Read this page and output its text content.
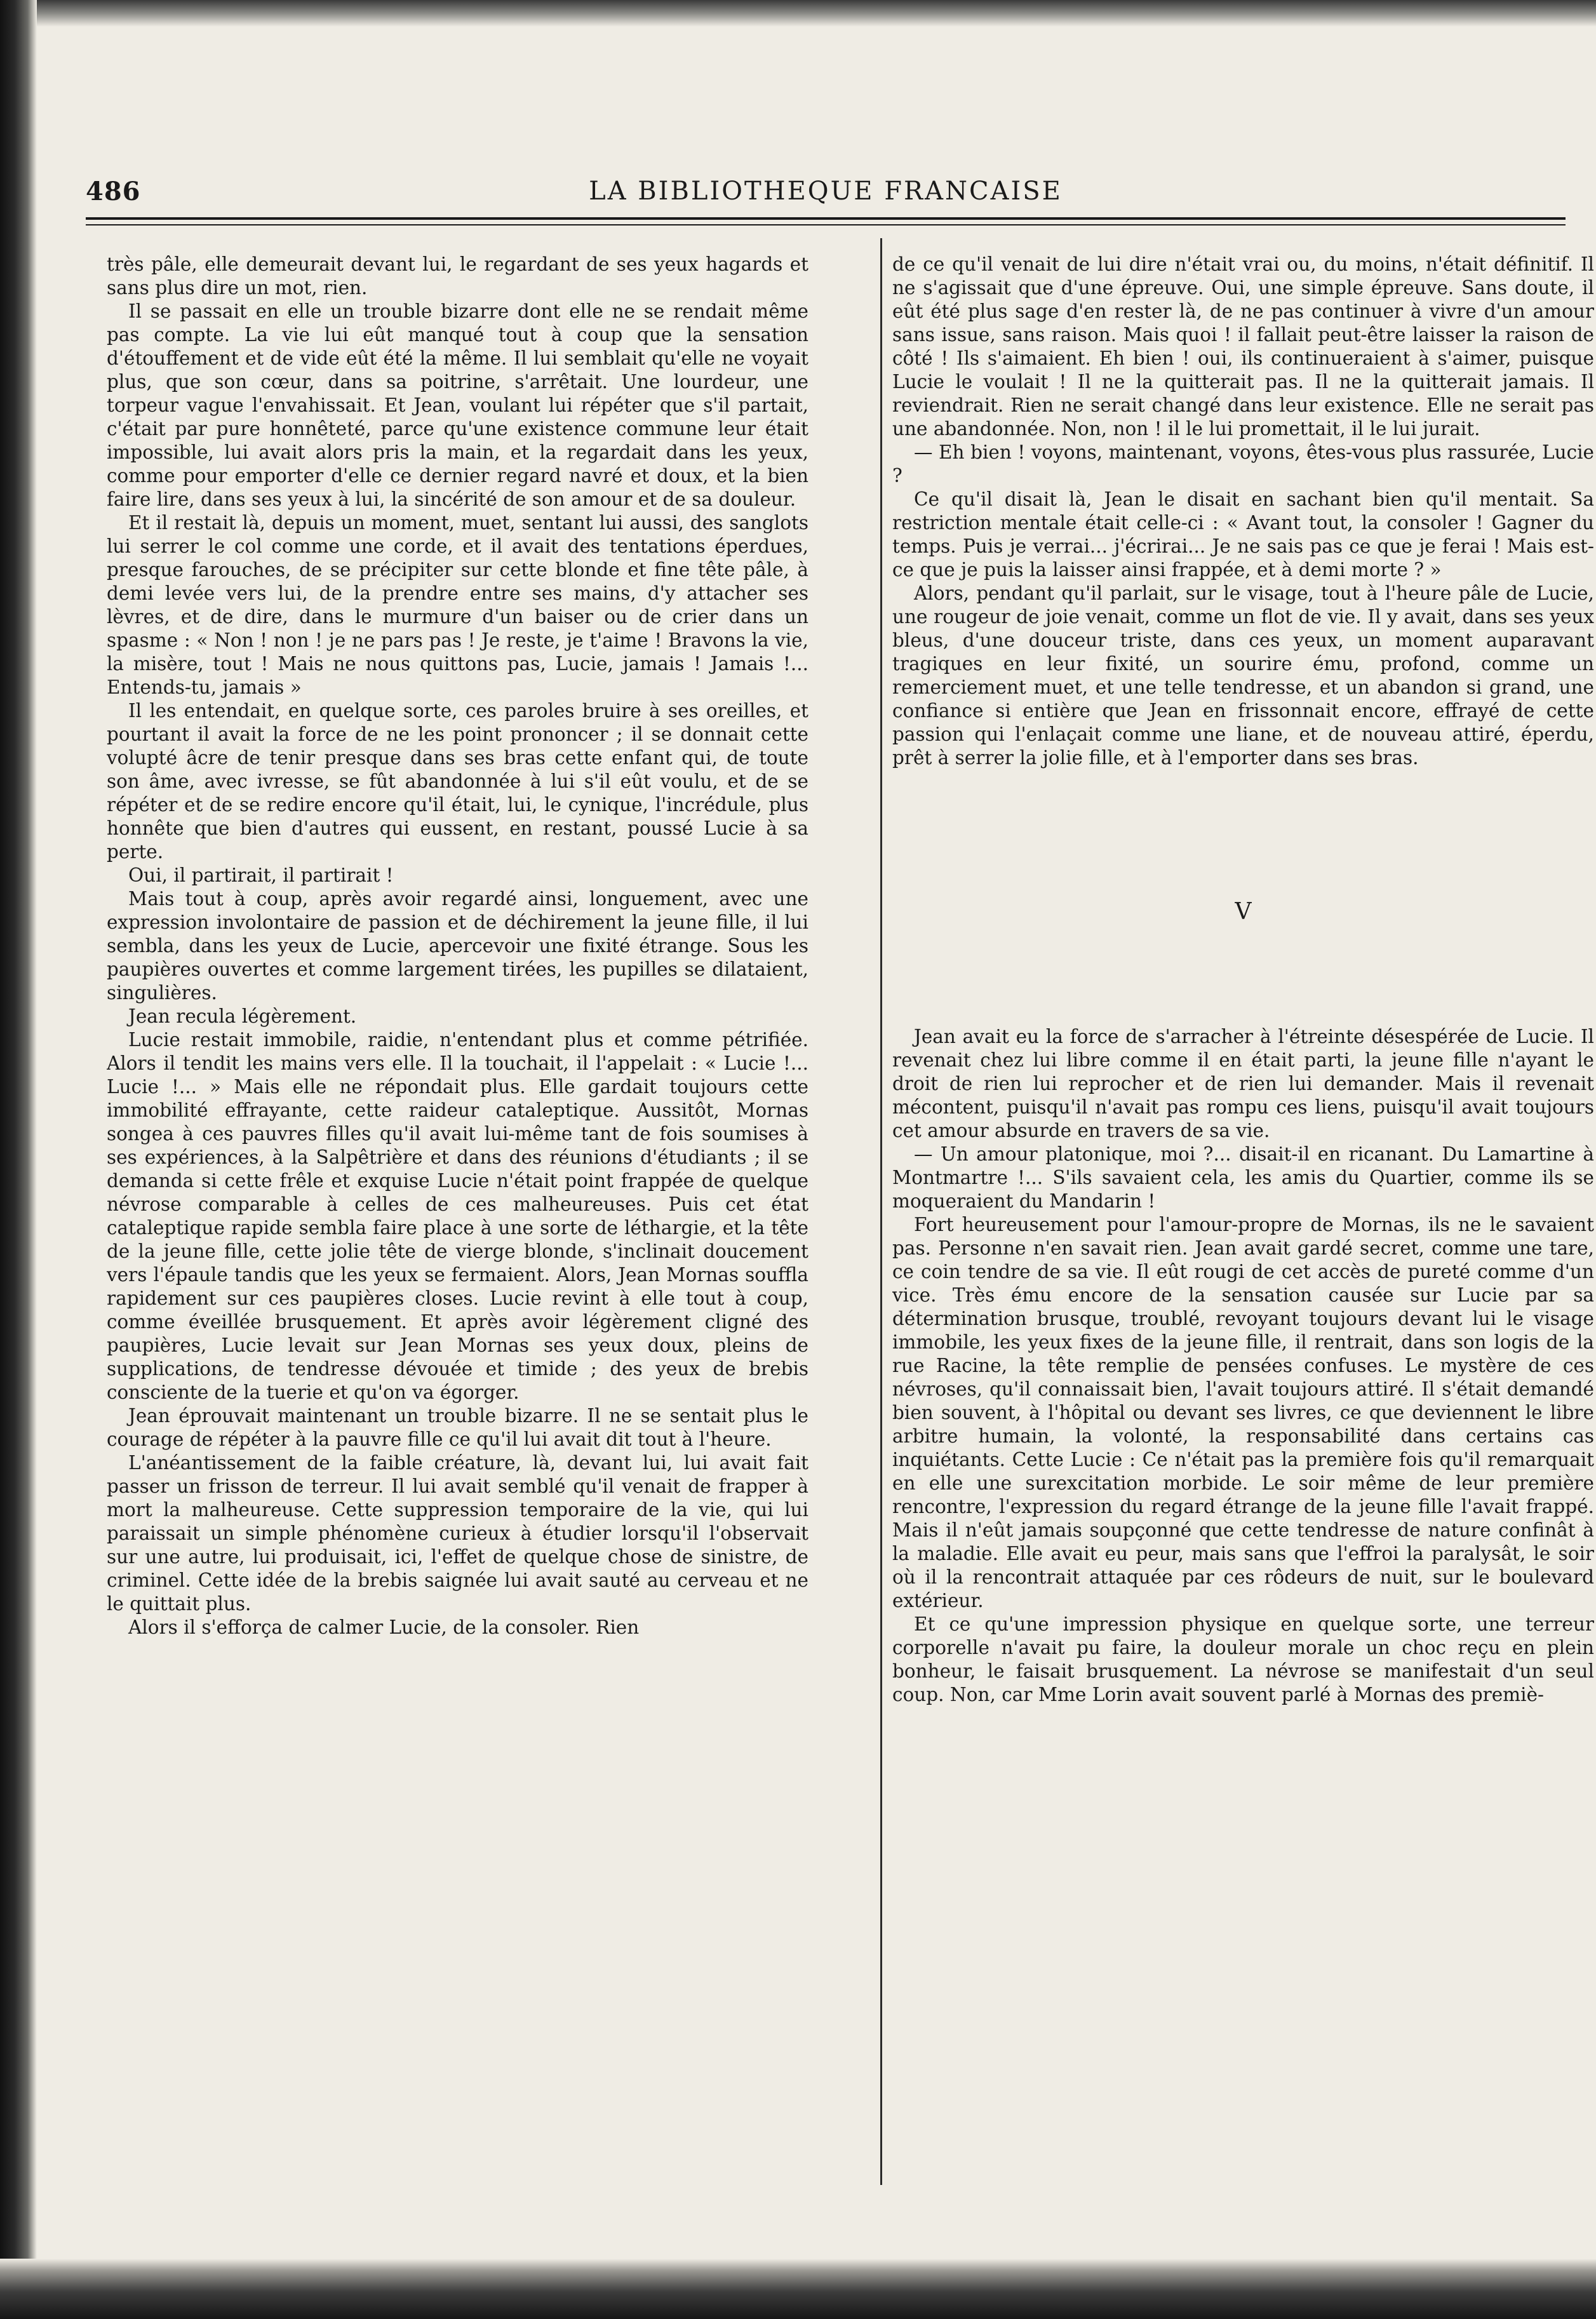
486	LA BIBLIOTHEQUE FRANCAISE

très pâle, elle demeurait devant lui, le regardant de ses yeux hagards et sans plus dire un mot, rien.

Il se passait en elle un trouble bizarre dont elle ne se rendait même pas compte. La vie lui eût manqué tout à coup que la sensation d'étouffement et de vide eût été la même. Il lui semblait qu'elle ne voyait plus, que son cœur, dans sa poitrine, s'arrêtait. Une lourdeur, une torpeur vague l'envahissait. Et Jean, voulant lui répéter que s'il partait, c'était par pure honnêteté, parce qu'une existence commune leur était impossible, lui avait alors pris la main, et la regardait dans les yeux, comme pour emporter d'elle ce dernier regard navré et doux, et la bien faire lire, dans ses yeux à lui, la sincérité de son amour et de sa douleur.

Et il restait là, depuis un moment, muet, sentant lui aussi, des sanglots lui serrer le col comme une corde, et il avait des tentations éperdues, presque farouches, de se précipiter sur cette blonde et fine tête pâle, à demi levée vers lui, de la prendre entre ses mains, d'y attacher ses lèvres, et de dire, dans le murmure d'un baiser ou de crier dans un spasme : « Non ! non ! je ne pars pas ! Je reste, je t'aime ! Bravons la vie, la misère, tout ! Mais ne nous quittons pas, Lucie, jamais ! Jamais !... Entends-tu, jamais »

Il les entendait, en quelque sorte, ces paroles bruire à ses oreilles, et pourtant il avait la force de ne les point prononcer ; il se donnait cette volupté âcre de tenir presque dans ses bras cette enfant qui, de toute son âme, avec ivresse, se fût abandonnée à lui s'il eût voulu, et de se répéter et de se redire encore qu'il était, lui, le cynique, l'incrédule, plus honnête que bien d'autres qui eussent, en restant, poussé Lucie à sa perte.

Oui, il partirait, il partirait !

Mais tout à coup, après avoir regardé ainsi, longuement, avec une expression involontaire de passion et de déchirement la jeune fille, il lui sembla, dans les yeux de Lucie, apercevoir une fixité étrange. Sous les paupières ouvertes et comme largement tirées, les pupilles se dilataient, singulières.

Jean recula légèrement.

Lucie restait immobile, raidie, n'entendant plus et comme pétrifiée. Alors il tendit les mains vers elle. Il la touchait, il l'appelait : « Lucie !... Lucie !... » Mais elle ne répondait plus. Elle gardait toujours cette immobilité effrayante, cette raideur cataleptique. Aussitôt, Mornas songea à ces pauvres filles qu'il avait lui-même tant de fois soumises à ses expériences, à la Salpêtrière et dans des réunions d'étudiants ; il se demanda si cette frêle et exquise Lucie n'était point frappée de quelque névrose comparable à celles de ces malheureuses. Puis cet état cataleptique rapide sembla faire place à une sorte de léthargie, et la tête de la jeune fille, cette jolie tête de vierge blonde, s'inclinait doucement vers l'épaule tandis que les yeux se fermaient. Alors, Jean Mornas souffla rapidement sur ces paupières closes. Lucie revint à elle tout à coup, comme éveillée brusquement. Et après avoir légèrement cligné des paupières, Lucie levait sur Jean Mornas ses yeux doux, pleins de supplications, de tendresse dévouée et timide ; des yeux de brebis consciente de la tuerie et qu'on va égorger.

Jean éprouvait maintenant un trouble bizarre. Il ne se sentait plus le courage de répéter à la pauvre fille ce qu'il lui avait dit tout à l'heure.

L'anéantissement de la faible créature, là, devant lui, lui avait fait passer un frisson de terreur. Il lui avait semblé qu'il venait de frapper à mort la malheureuse. Cette suppression temporaire de la vie, qui lui paraissait un simple phénomène curieux à étudier lorsqu'il l'observait sur une autre, lui produisait, ici, l'effet de quelque chose de sinistre, de criminel. Cette idée de la brebis saignée lui avait sauté au cerveau et ne le quittait plus.

Alors il s'efforça de calmer Lucie, de la consoler. Rien

de ce qu'il venait de lui dire n'était vrai ou, du moins, n'était définitif. Il ne s'agissait que d'une épreuve. Oui, une simple épreuve. Sans doute, il eût été plus sage d'en rester là, de ne pas continuer à vivre d'un amour sans issue, sans raison. Mais quoi ! il fallait peut-être laisser la raison de côté ! Ils s'aimaient. Eh bien ! oui, ils continueraient à s'aimer, puisque Lucie le voulait ! Il ne la quitterait pas. Il ne la quitterait jamais. Il reviendrait. Rien ne serait changé dans leur existence. Elle ne serait pas une abandonnée. Non, non ! il le lui promettait, il le lui jurait.

— Eh bien ! voyons, maintenant, voyons, êtes-vous plus rassurée, Lucie ?

Ce qu'il disait là, Jean le disait en sachant bien qu'il mentait. Sa restriction mentale était celle-ci : « Avant tout, la consoler ! Gagner du temps. Puis je verrai... j'écrirai... Je ne sais pas ce que je ferai ! Mais est-ce que je puis la laisser ainsi frappée, et à demi morte ? »

Alors, pendant qu'il parlait, sur le visage, tout à l'heure pâle de Lucie, une rougeur de joie venait, comme un flot de vie. Il y avait, dans ses yeux bleus, d'une douceur triste, dans ces yeux, un moment auparavant tragiques en leur fixité, un sourire ému, profond, comme un remerciement muet, et une telle tendresse, et un abandon si grand, une confiance si entière que Jean en frissonnait encore, effrayé de cette passion qui l'enlaçait comme une liane, et de nouveau attiré, éperdu, prêt à serrer la jolie fille, et à l'emporter dans ses bras.

V

Jean avait eu la force de s'arracher à l'étreinte désespérée de Lucie. Il revenait chez lui libre comme il en était parti, la jeune fille n'ayant le droit de rien lui reprocher et de rien lui demander. Mais il revenait mécontent, puisqu'il n'avait pas rompu ces liens, puisqu'il avait toujours cet amour absurde en travers de sa vie.

— Un amour platonique, moi ?... disait-il en ricanant. Du Lamartine à Montmartre !... S'ils savaient cela, les amis du Quartier, comme ils se moqueraient du Mandarin !

Fort heureusement pour l'amour-propre de Mornas, ils ne le savaient pas. Personne n'en savait rien. Jean avait gardé secret, comme une tare, ce coin tendre de sa vie. Il eût rougi de cet accès de pureté comme d'un vice. Très ému encore de la sensation causée sur Lucie par sa détermination brusque, troublé, revoyant toujours devant lui le visage immobile, les yeux fixes de la jeune fille, il rentrait, dans son logis de la rue Racine, la tête remplie de pensées confuses. Le mystère de ces névroses, qu'il connaissait bien, l'avait toujours attiré. Il s'était demandé bien souvent, à l'hôpital ou devant ses livres, ce que deviennent le libre arbitre humain, la volonté, la responsabilité dans certains cas inquiétants. Cette Lucie : Ce n'était pas la première fois qu'il remarquait en elle une surexcitation morbide. Le soir même de leur première rencontre, l'expression du regard étrange de la jeune fille l'avait frappé. Mais il n'eût jamais soupçonné que cette tendresse de nature confinât à la maladie. Elle avait eu peur, mais sans que l'effroi la paralysât, le soir où il la rencontrait attaquée par ces rôdeurs de nuit, sur le boulevard extérieur.

Et ce qu'une impression physique en quelque sorte, une terreur corporelle n'avait pu faire, la douleur morale un choc reçu en plein bonheur, le faisait brusquement. La névrose se manifestait d'un seul coup. Non, car Mme Lorin avait souvent parlé à Mornas des premiè-
